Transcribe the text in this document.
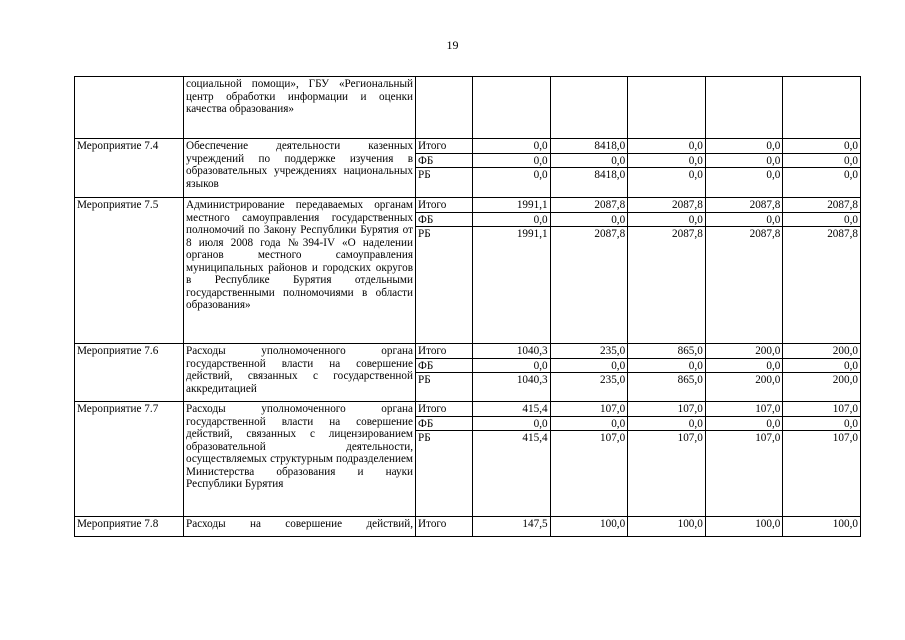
19
	социальной помощи», ГБУ «Региональный центр обработки информации и оценки качества образования»						
Мероприятие 7.4	Обеспечение деятельности казенных учреждений по поддержке изучения в образовательных учреждениях национальных языков	Итого	0,0	8418,0	0,0	0,0	0,0
		ФБ	0,0	0,0	0,0	0,0	0,0
		РБ	0,0	8418,0	0,0	0,0	0,0
Мероприятие 7.5	Администрирование передаваемых органам местного самоуправления государственных полномочий по Закону Республики Бурятия от 8 июля 2008 года №394-IV «О наделении органов местного самоуправления муниципальных районов и городских округов в Республике Бурятия отдельными государственными полномочиями в области образования»	Итого	1991,1	2087,8	2087,8	2087,8	2087,8
		ФБ	0,0	0,0	0,0	0,0	0,0
		РБ	1991,1	2087,8	2087,8	2087,8	2087,8
Мероприятие 7.6	Расходы уполномоченного органа государственной власти на совершение действий, связанных с государственной аккредитацией	Итого	1040,3	235,0	865,0	200,0	200,0
		ФБ	0,0	0,0	0,0	0,0	0,0
		РБ	1040,3	235,0	865,0	200,0	200,0
Мероприятие 7.7	Расходы уполномоченного органа государственной власти на совершение действий, связанных с лицензированием образовательной деятельности, осуществляемых структурным подразделением Министерства образования и науки Республики Бурятия	Итого	415,4	107,0	107,0	107,0	107,0
		ФБ	0,0	0,0	0,0	0,0	0,0
		РБ	415,4	107,0	107,0	107,0	107,0
Мероприятие 7.8	Расходы на совершение действий,	Итого	147,5	100,0	100,0	100,0	100,0
